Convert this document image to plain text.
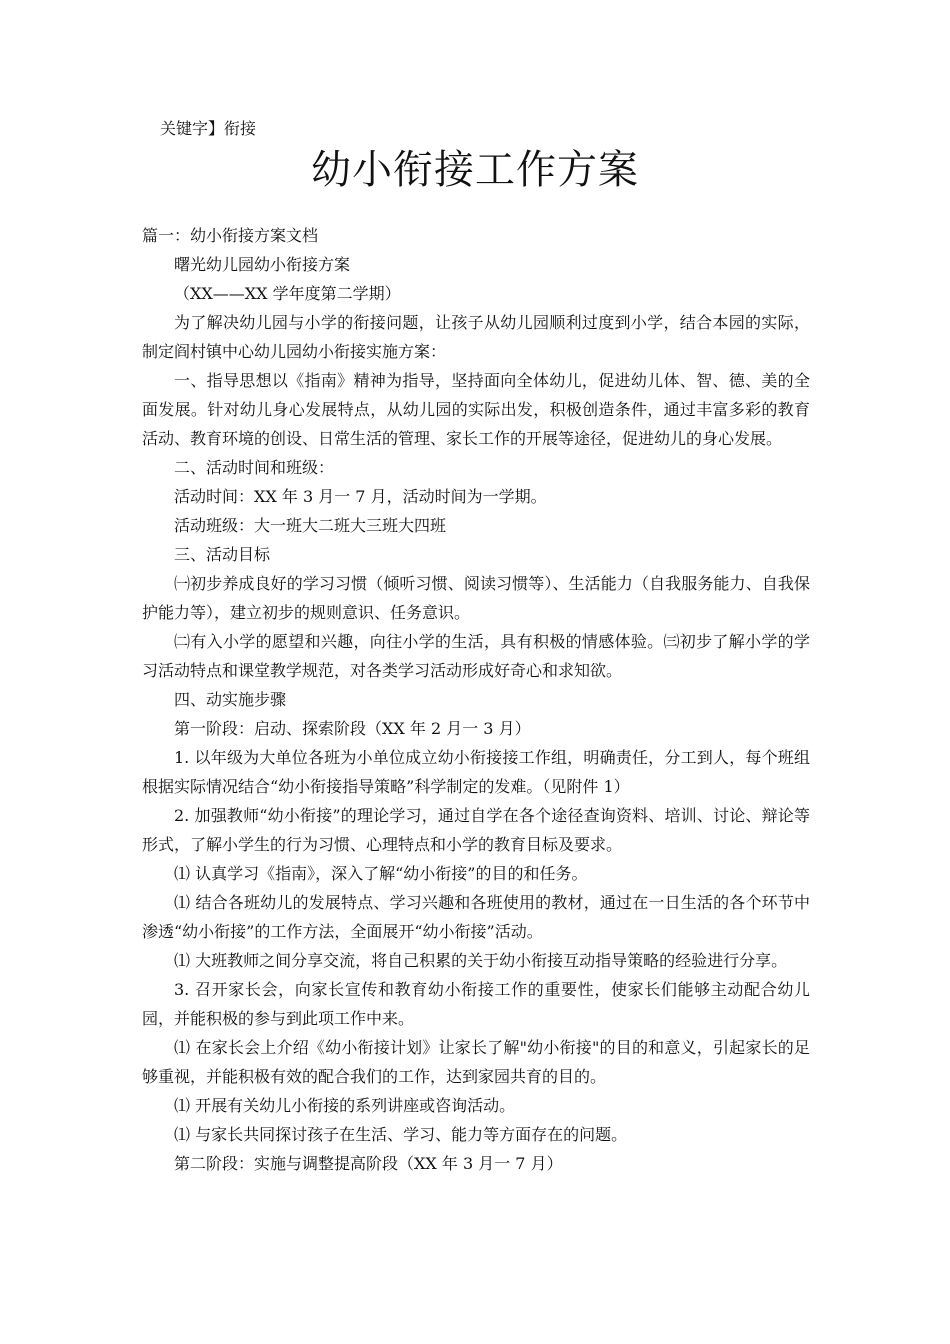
关键字】衔接
幼小衔接工作方案

篇一：幼小衔接方案文档

曙光幼儿园幼小衔接方案

（XX——XX 学年度第二学期）

为了解决幼儿园与小学的衔接问题，让孩子从幼儿园顺利过度到小学，结合本园的实际，制定阎村镇中心幼儿园幼小衔接实施方案：

一、指导思想以《指南》精神为指导，坚持面向全体幼儿，促进幼儿体、智、德、美的全面发展。针对幼儿身心发展特点，从幼儿园的实际出发，积极创造条件，通过丰富多彩的教育活动、教育环境的创设、日常生活的管理、家长工作的开展等途径，促进幼儿的身心发展。

二、活动时间和班级：

活动时间：XX 年 3 月一 7 月，活动时间为一学期。

活动班级：大一班大二班大三班大四班

三、活动目标

㈠初步养成良好的学习习惯（倾听习惯、阅读习惯等）、生活能力（自我服务能力、自我保护能力等），建立初步的规则意识、任务意识。

㈡有入小学的愿望和兴趣，向往小学的生活，具有积极的情感体验。㈢初步了解小学的学习活动特点和课堂教学规范，对各类学习活动形成好奇心和求知欲。

四、动实施步骤

第一阶段：启动、探索阶段（XX 年 2 月一 3 月）

1. 以年级为大单位各班为小单位成立幼小衔接接工作组，明确责任，分工到人，每个班组根据实际情况结合“幼小衔接指导策略”科学制定的发难。（见附件 1）

2. 加强教师“幼小衔接”的理论学习，通过自学在各个途径查询资料、培训、讨论、辩论等形式，了解小学生的行为习惯、心理特点和小学的教育目标及要求。

⑴ 认真学习《指南》，深入了解“幼小衔接”的目的和任务。

⑴ 结合各班幼儿的发展特点、学习兴趣和各班使用的教材，通过在一日生活的各个环节中渗透“幼小衔接”的工作方法，全面展开“幼小衔接”活动。

⑴ 大班教师之间分享交流，将自己积累的关于幼小衔接互动指导策略的经验进行分享。

3. 召开家长会，向家长宣传和教育幼小衔接工作的重要性，使家长们能够主动配合幼儿园，并能积极的参与到此项工作中来。

⑴ 在家长会上介绍《幼小衔接计划》让家长了解"幼小衔接"的目的和意义，引起家长的足够重视，并能积极有效的配合我们的工作，达到家园共育的目的。

⑴ 开展有关幼儿小衔接的系列讲座或咨询活动。

⑴ 与家长共同探讨孩子在生活、学习、能力等方面存在的问题。

第二阶段：实施与调整提高阶段（XX 年 3 月一 7 月）
